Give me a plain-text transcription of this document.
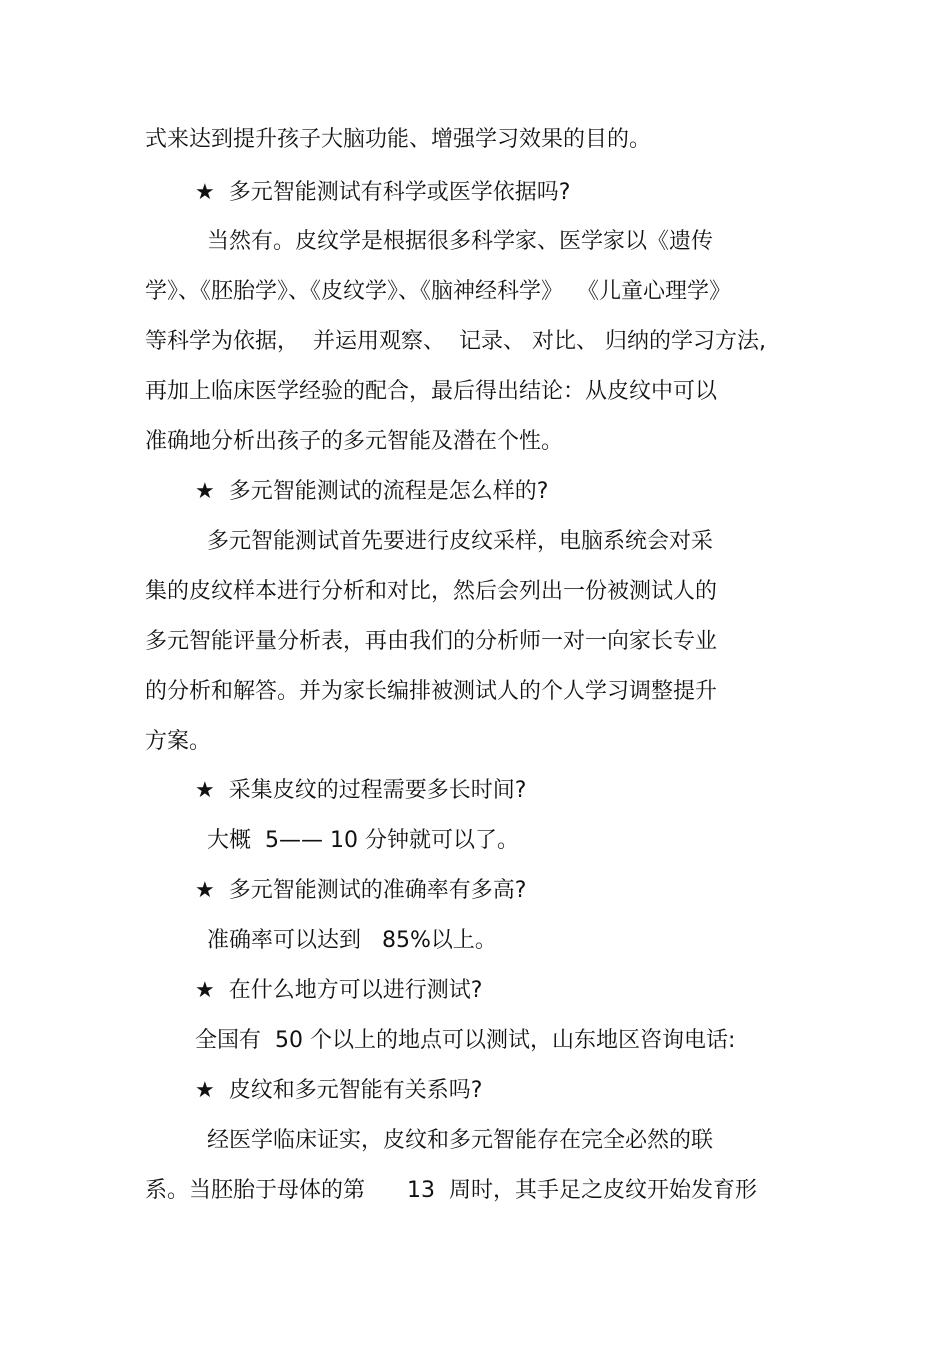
式来达到提升孩子大脑功能、增强学习效果的目的。

★ 多元智能测试有科学或医学依据吗?

当然有。皮纹学是根据很多科学家、医学家以《遗传

学》、《胚胎学》、《皮纹学》、《脑神经科学》  《儿童心理学》

等科学为依据，  并运用观察、  记录、 对比、 归纳的学习方法,

再加上临床医学经验的配合，最后得出结论：从皮纹中可以

准确地分析出孩子的多元智能及潜在个性。

★ 多元智能测试的流程是怎么样的?

多元智能测试首先要进行皮纹采样，电脑系统会对采

集的皮纹样本进行分析和对比，然后会列出一份被测试人的

多元智能评量分析表，再由我们的分析师一对一向家长专业

的分析和解答。并为家长编排被测试人的个人学习调整提升

方案。

★ 采集皮纹的过程需要多长时间?

大概  5—— 10 分钟就可以了。

★ 多元智能测试的准确率有多高?

准确率可以达到   85%以上。

★ 在什么地方可以进行测试?

全国有  50 个以上的地点可以测试，山东地区咨询电话:

★ 皮纹和多元智能有关系吗?

经医学临床证实，皮纹和多元智能存在完全必然的联

系。当胚胎于母体的第      13  周时，其手足之皮纹开始发育形
